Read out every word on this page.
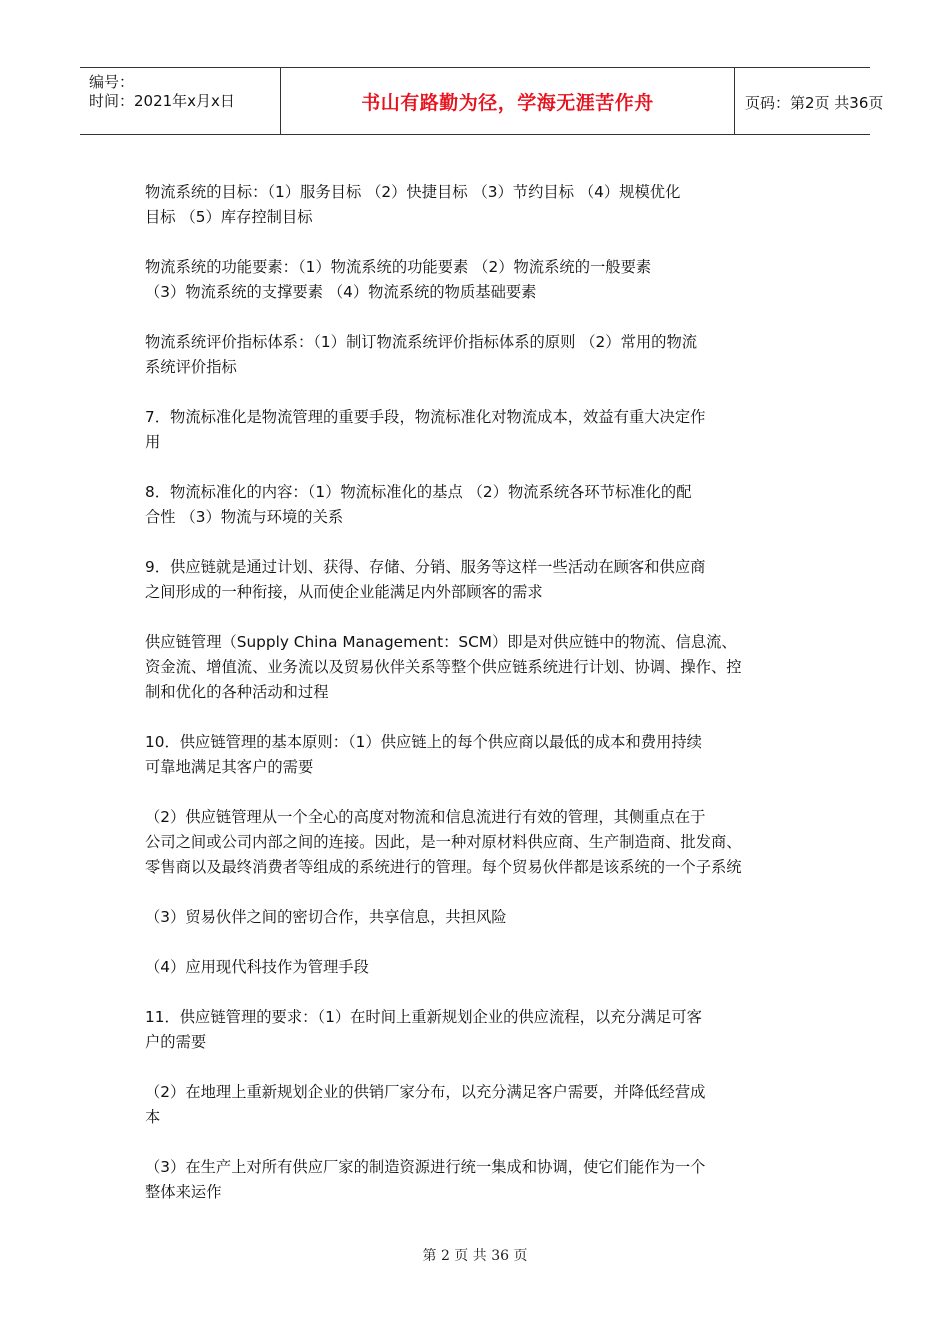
编号：
时间：2021年x月x日	书山有路勤为径，学海无涯苦作舟	页码：第2页 共36页
物流系统的目标：（1）服务目标 （2）快捷目标 （3）节约目标 （4）规模优化
目标 （5）库存控制目标
物流系统的功能要素：（1）物流系统的功能要素 （2）物流系统的一般要素
（3）物流系统的支撑要素 （4）物流系统的物质基础要素
物流系统评价指标体系：（1）制订物流系统评价指标体系的原则 （2）常用的物流
系统评价指标
7．物流标准化是物流管理的重要手段，物流标准化对物流成本，效益有重大决定作
用
8．物流标准化的内容：（1）物流标准化的基点 （2）物流系统各环节标准化的配
合性 （3）物流与环境的关系
9．供应链就是通过计划、获得、存储、分销、服务等这样一些活动在顾客和供应商
之间形成的一种衔接，从而使企业能满足内外部顾客的需求
供应链管理（Supply China Management：SCM）即是对供应链中的物流、信息流、
资金流、增值流、业务流以及贸易伙伴关系等整个供应链系统进行计划、协调、操作、控
制和优化的各种活动和过程
10．供应链管理的基本原则：（1）供应链上的每个供应商以最低的成本和费用持续
可靠地满足其客户的需要
（2）供应链管理从一个全心的高度对物流和信息流进行有效的管理，其侧重点在于
公司之间或公司内部之间的连接。因此，是一种对原材料供应商、生产制造商、批发商、
零售商以及最终消费者等组成的系统进行的管理。每个贸易伙伴都是该系统的一个子系统
（3）贸易伙伴之间的密切合作，共享信息，共担风险
（4）应用现代科技作为管理手段
11．供应链管理的要求：（1）在时间上重新规划企业的供应流程，以充分满足可客
户的需要
（2）在地理上重新规划企业的供销厂家分布，以充分满足客户需要，并降低经营成
本
（3）在生产上对所有供应厂家的制造资源进行统一集成和协调，使它们能作为一个
整体来运作
第 2 页 共 36 页
